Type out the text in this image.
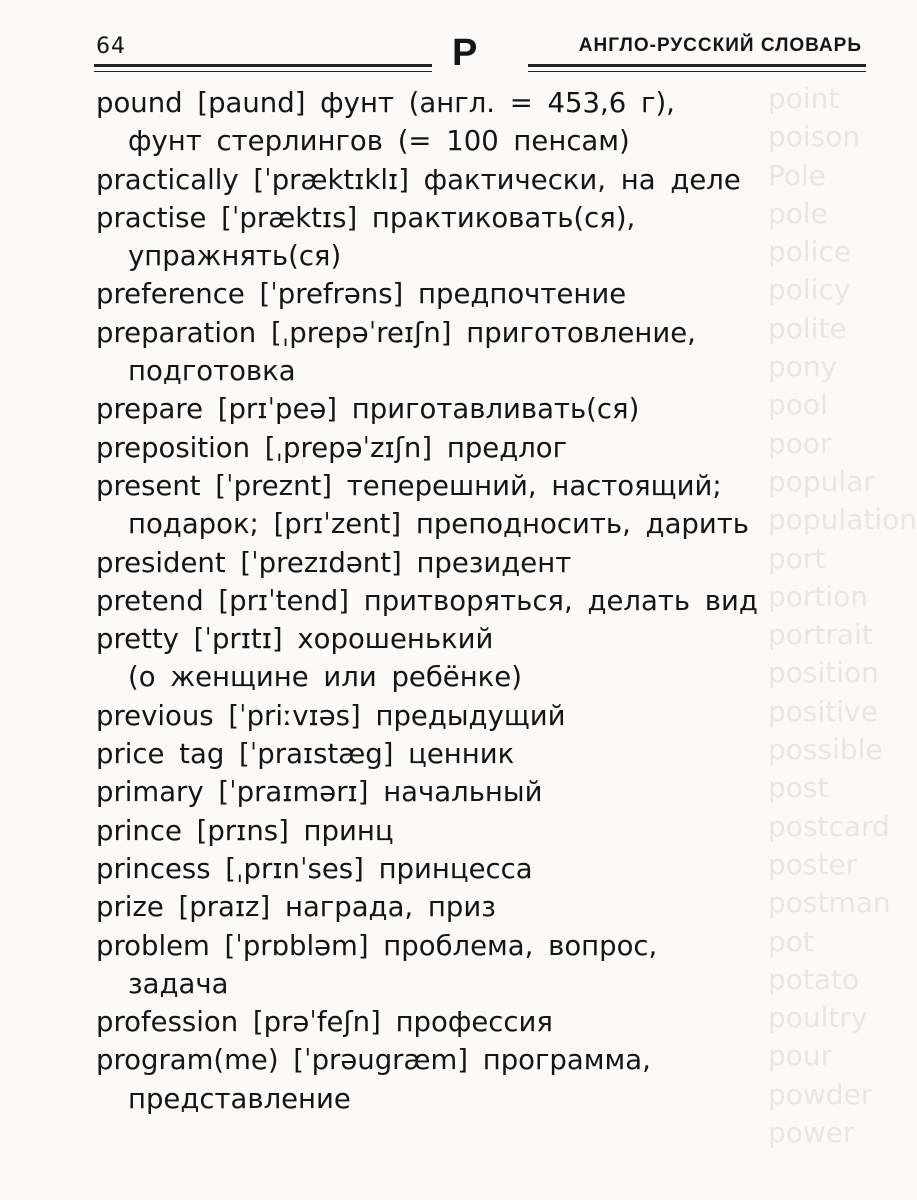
point
poison
Pole
pole
police
policy
polite
pony
pool
poor
popular
population
port
portion
portrait
position
positive
possible
post
postcard
poster
postman
pot
potato
poultry
pour
powder
power
64	P	АНГЛО-РУССКИЙ СЛОВАРЬ
pound [paund] фунт (англ. = 453,6 г),
фунт стерлингов (= 100 пенсам)
practically [ˈpræktɪklɪ] фактически, на деле
practise [ˈpræktɪs] практиковать(ся),
упражнять(ся)
preference [ˈprefrəns] предпочтение
preparation [ˌprepəˈreɪʃn] приготовление,
подготовка
prepare [prɪˈpeə] приготавливать(ся)
preposition [ˌprepəˈzɪʃn] предлог
present [ˈpreznt] теперешний, настоящий;
подарок; [prɪˈzent] преподносить, дарить
president [ˈprezɪdənt] президент
pretend [prɪˈtend] притворяться, делать вид
pretty [ˈprɪtɪ] хорошенький
(о женщине или ребёнке)
previous [ˈpriːvɪəs] предыдущий
price tag [ˈpraɪstæg] ценник
primary [ˈpraɪmərɪ] начальный
prince [prɪns] принц
princess [ˌprɪnˈses] принцесса
prize [praɪz] награда, приз
problem [ˈprɒbləm] проблема, вопрос,
задача
profession [prəˈfeʃn] профессия
program(me) [ˈprəugræm] программа,
представление
